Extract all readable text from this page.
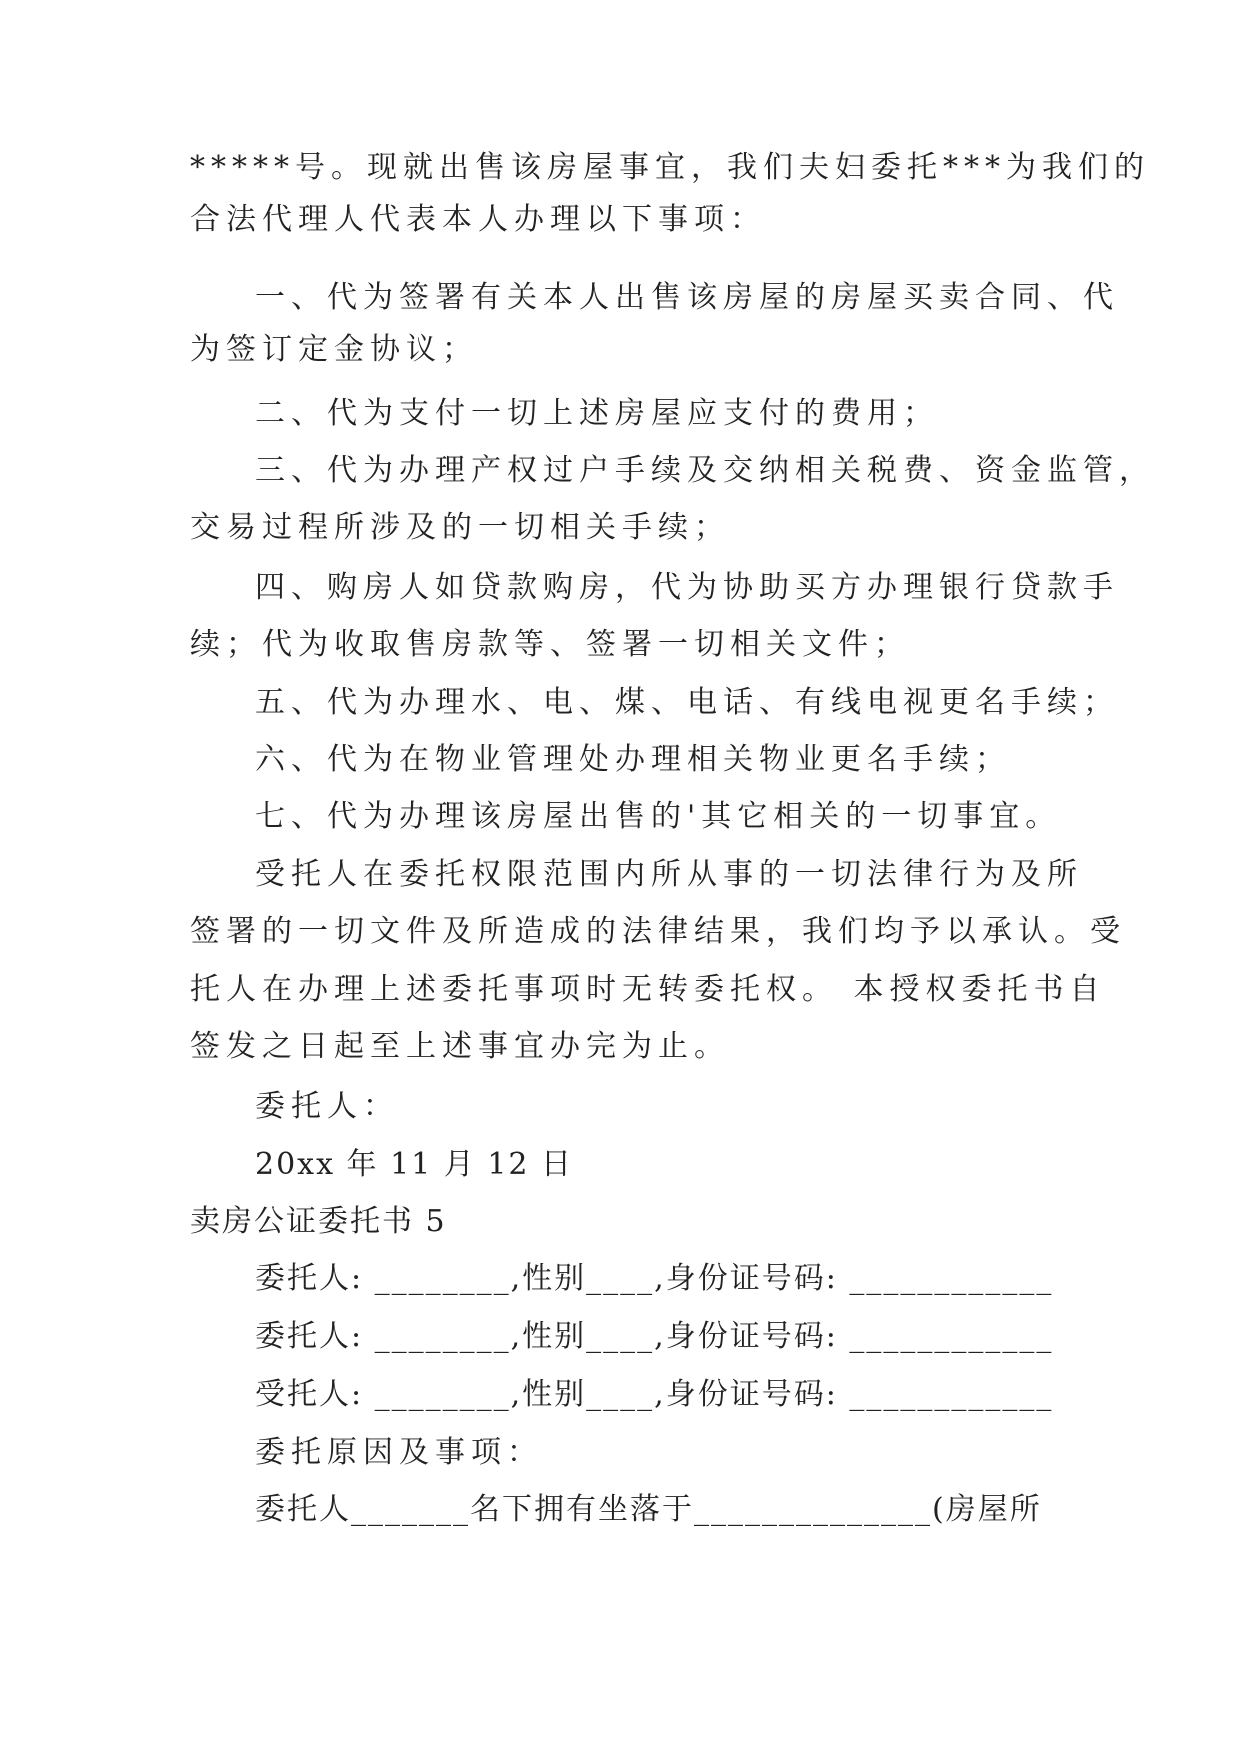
*****号。现就出售该房屋事宜，我们夫妇委托***为我们的
合法代理人代表本人办理以下事项：
一、代为签署有关本人出售该房屋的房屋买卖合同、代
为签订定金协议；
二、代为支付一切上述房屋应支付的费用；
三、代为办理产权过户手续及交纳相关税费、资金监管，
交易过程所涉及的一切相关手续；
四、购房人如贷款购房，代为协助买方办理银行贷款手
续；代为收取售房款等、签署一切相关文件；
五、代为办理水、电、煤、电话、有线电视更名手续；
六、代为在物业管理处办理相关物业更名手续；
七、代为办理该房屋出售的'其它相关的一切事宜。
受托人在委托权限范围内所从事的一切法律行为及所
签署的一切文件及所造成的法律结果，我们均予以承认。受
托人在办理上述委托事项时无转委托权。 本授权委托书自
签发之日起至上述事宜办完为止。
委托人：
20xx 年 11 月 12 日
卖房公证委托书 5
委托人: ________,性别____,身份证号码: ____________
委托人: ________,性别____,身份证号码: ____________
受托人: ________,性别____,身份证号码: ____________
委托原因及事项：
委托人_______名下拥有坐落于______________(房屋所
